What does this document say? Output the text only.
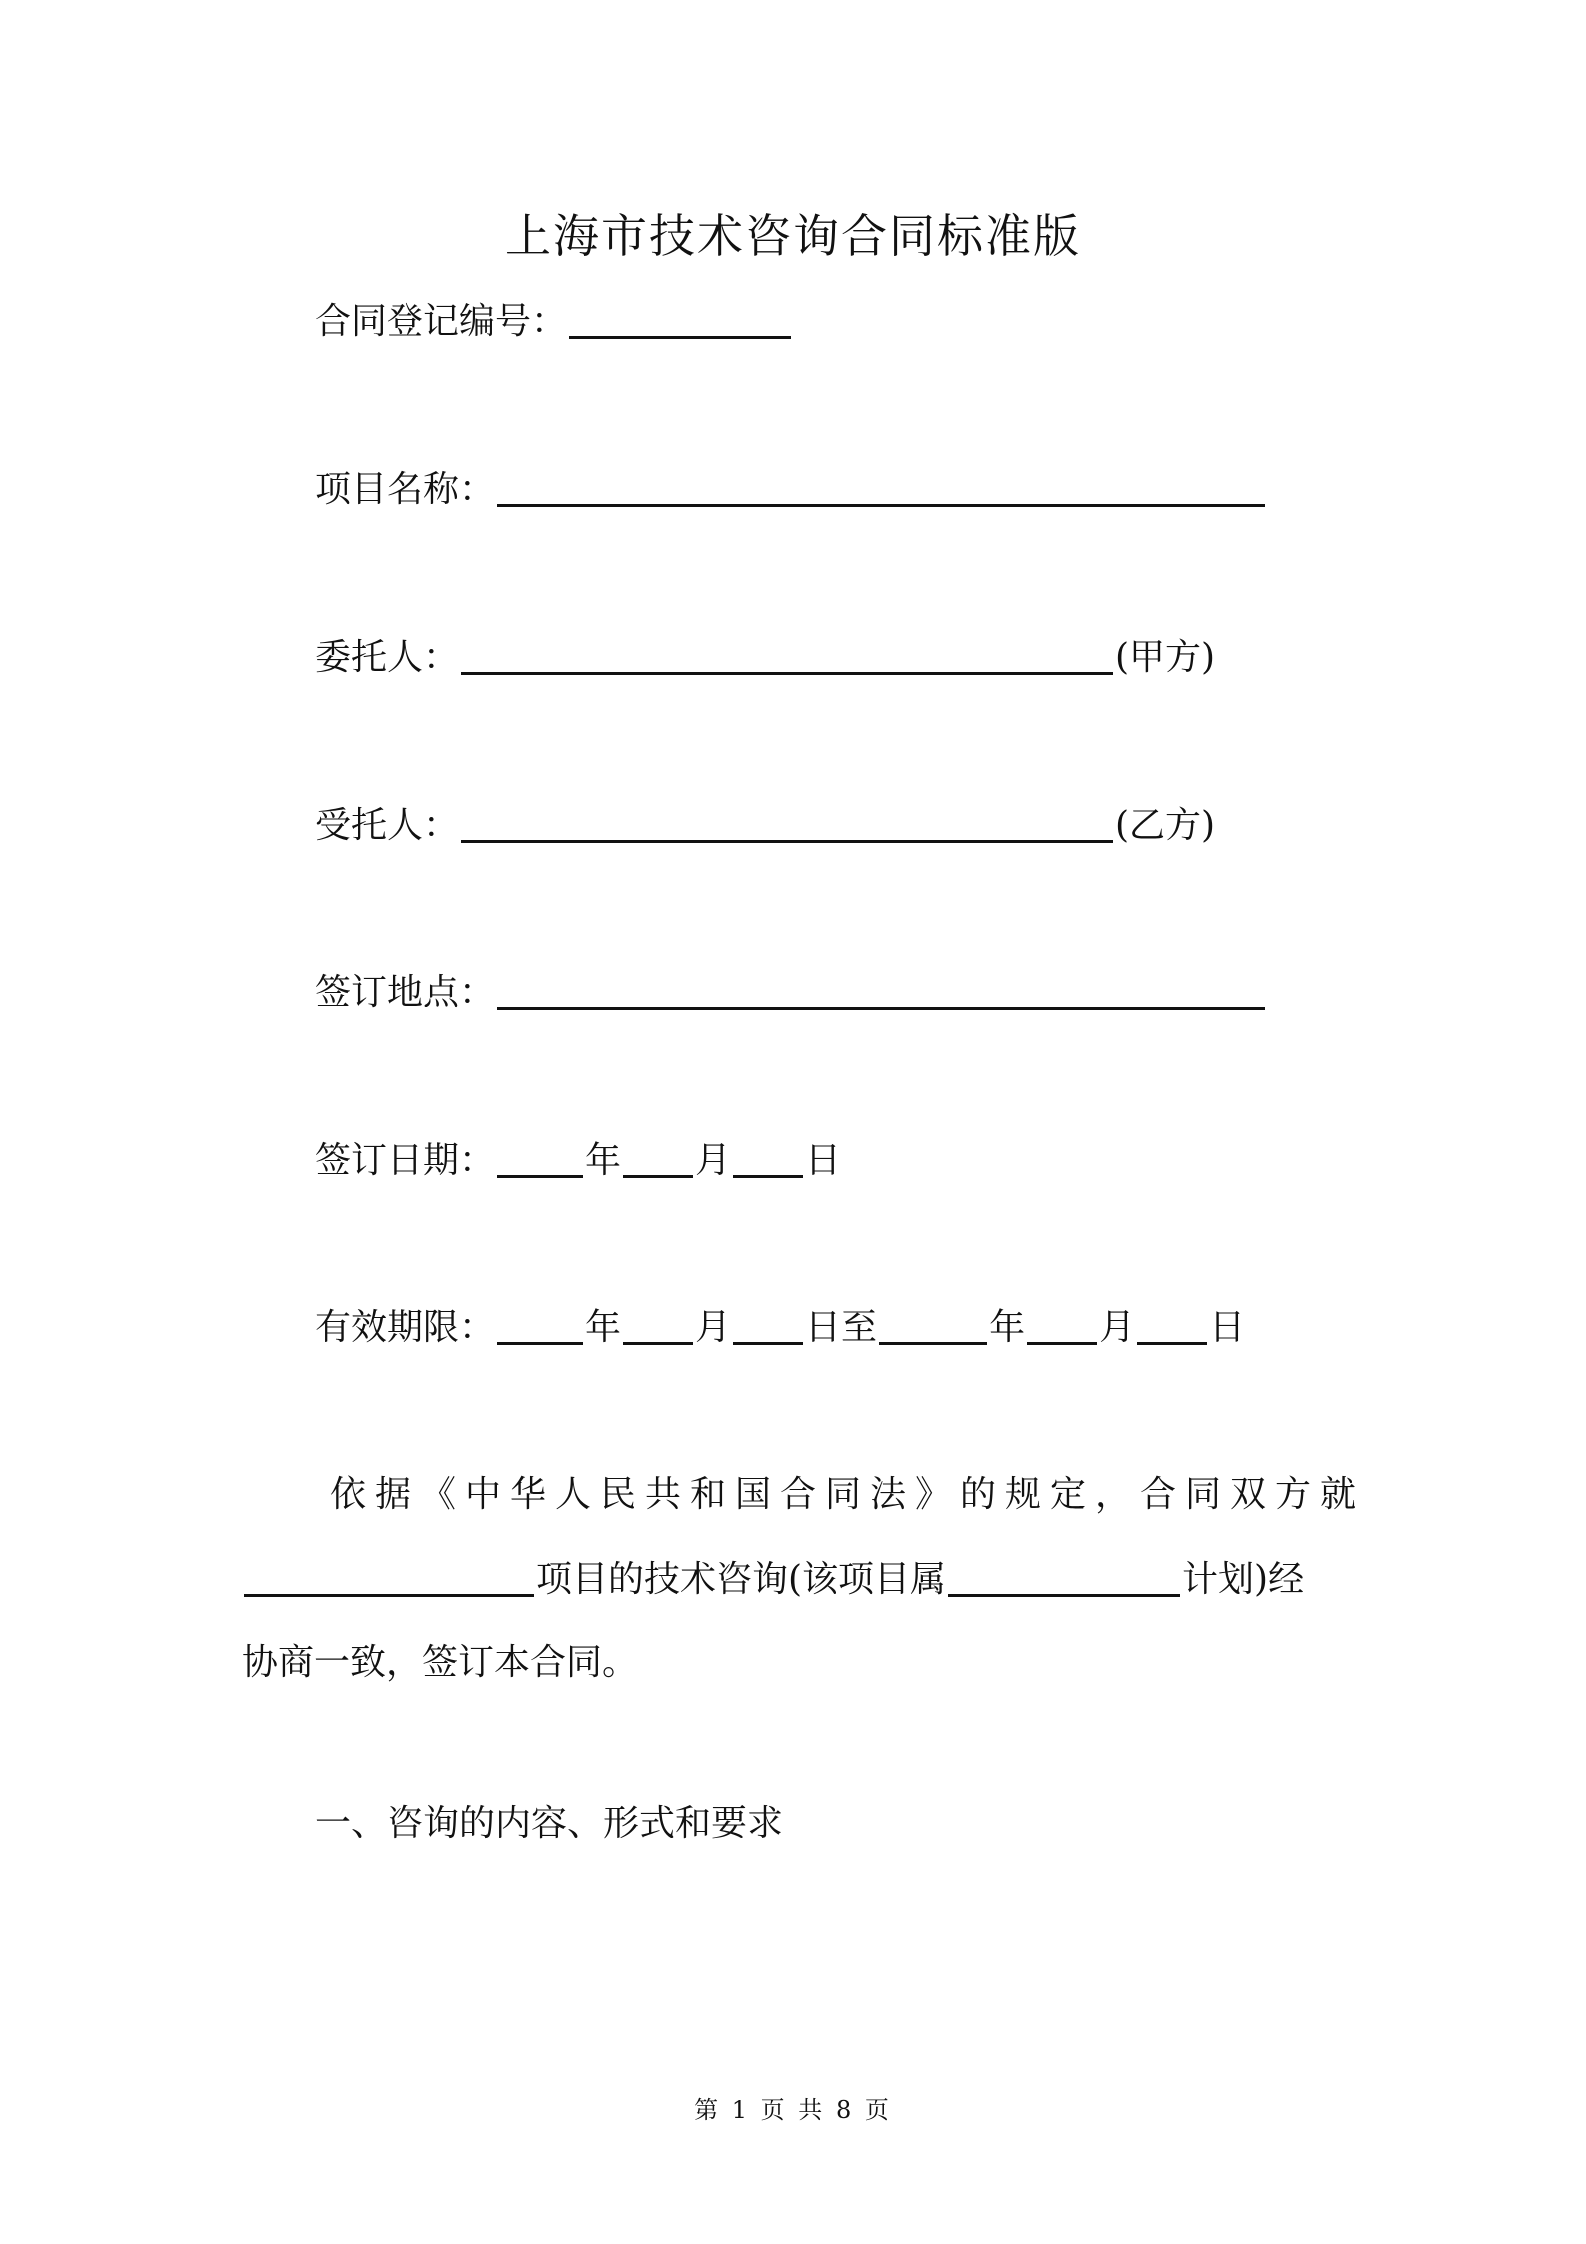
上海市技术咨询合同标准版
合同登记编号：
项目名称：
委托人：	(甲方)
受托人：	(乙方)
签订地点：
签订日期：	年 月 日
有效期限：	年 月 日至	年 月 日
依据《中华人民共和国合同法》的规定，合同双方就
项目的技术咨询(该项目属	计划)经
协商一致，签订本合同。
一、咨询的内容、形式和要求
第 1 页 共 8 页
